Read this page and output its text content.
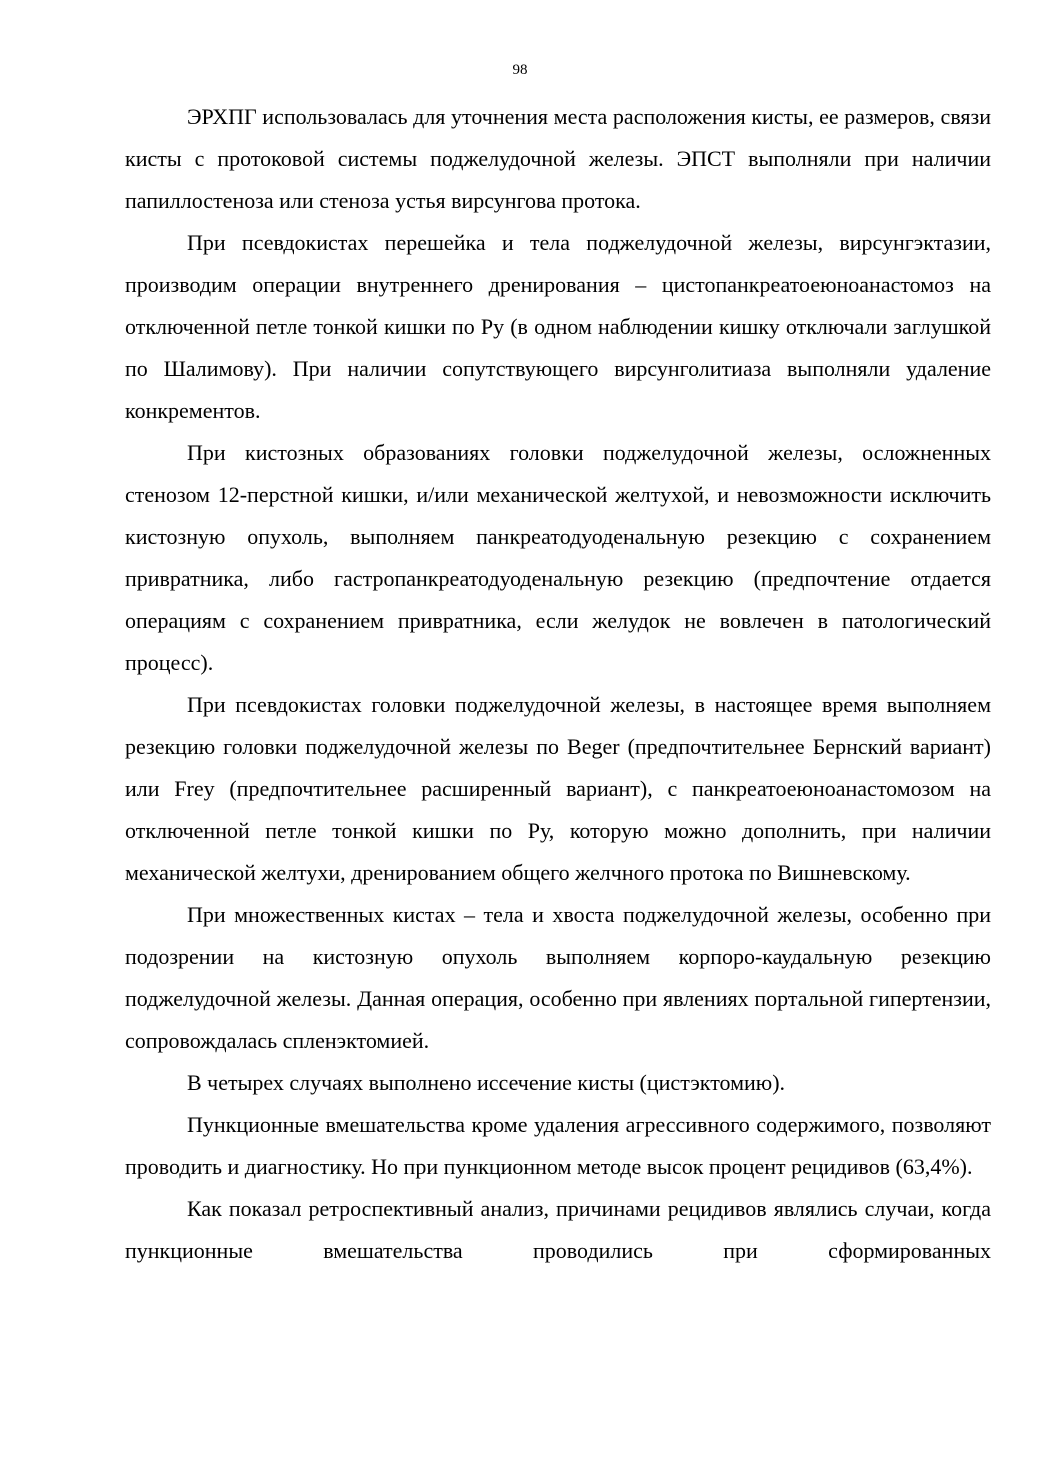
98

ЭРХПГ использовалась для уточнения места расположения кисты, ее размеров, связи кисты с протоковой системы поджелудочной железы. ЭПСТ выполняли при наличии папиллостеноза или стеноза устья вирсунгова протока.

При псевдокистах перешейка и тела поджелудочной железы, вирсунгэктазии, производим операции внутреннего дренирования – цистопанкреатоеюноанастомоз на отключенной петле тонкой кишки по Ру (в одном наблюдении кишку отключали заглушкой по Шалимову). При наличии сопутствующего вирсунголитиаза выполняли удаление конкрементов.

При кистозных образованиях головки поджелудочной железы, осложненных стенозом 12-перстной кишки, и/или механической желтухой, и невозможности исключить кистозную опухоль, выполняем панкреатодуоденальную резекцию с сохранением привратника, либо гастропанкреатодуоденальную резекцию (предпочтение отдается операциям с сохранением привратника, если желудок не вовлечен в патологический процесс).

При псевдокистах головки поджелудочной железы, в настоящее время выполняем резекцию головки поджелудочной железы по Beger (предпочтительнее Бернский вариант) или Frey (предпочтительнее расширенный вариант), с панкреатоеюноанастомозом на отключенной петле тонкой кишки по Ру, которую можно дополнить, при наличии механической желтухи, дренированием общего желчного протока по Вишневскому.

При множественных кистах – тела и хвоста поджелудочной железы, особенно при подозрении на кистозную опухоль выполняем корпоро-каудальную резекцию поджелудочной железы. Данная операция, особенно при явлениях портальной гипертензии, сопровождалась спленэктомией.

В четырех случаях выполнено иссечение кисты (цистэктомию).

Пункционные вмешательства кроме удаления агрессивного содержимого, позволяют проводить и диагностику. Но при пункционном методе высок процент рецидивов (63,4%).

Как показал ретроспективный анализ, причинами рецидивов являлись случаи, когда пункционные вмешательства проводились при сформированных
